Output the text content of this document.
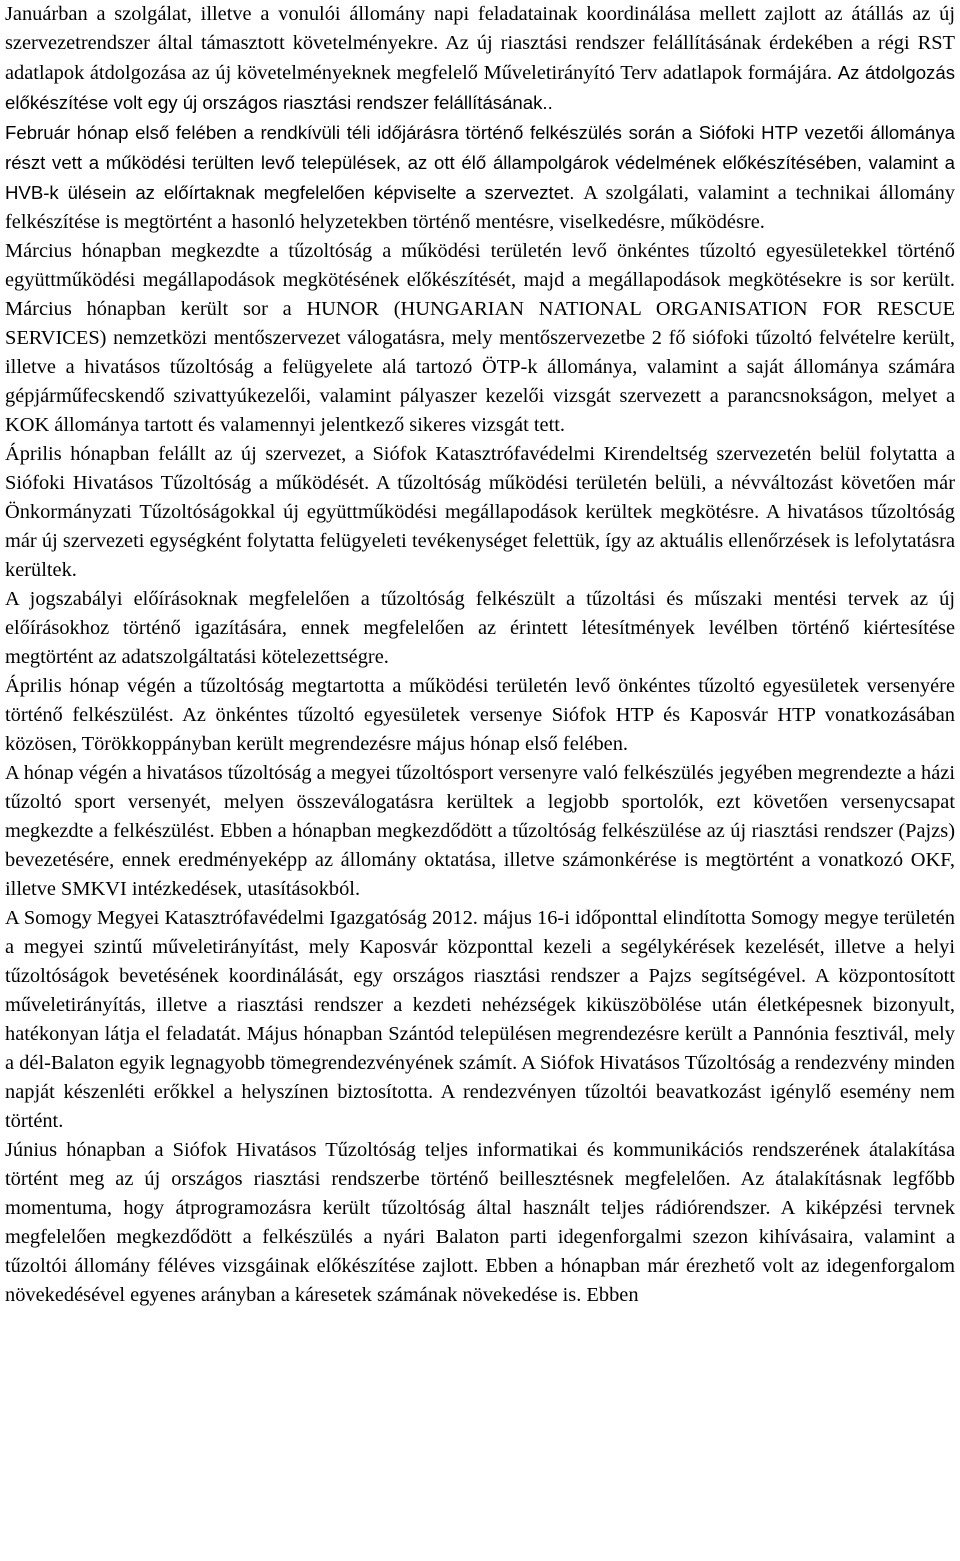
Januárban a szolgálat, illetve a vonulói állomány napi feladatainak koordinálása mellett zajlott az átállás az új szervezetrendszer által támasztott követelményekre. Az új riasztási rendszer felállításának érdekében a régi RST adatlapok átdolgozása az új követelményeknek megfelelő Műveletirányító Terv adatlapok formájára. Az átdolgozás előkészítése volt egy új országos riasztási rendszer felállításának..

Február hónap első felében a rendkívüli téli időjárásra történő felkészülés során a Siófoki HTP vezetői állománya részt vett a működési terülten levő települések, az ott élő állampolgárok védelmének előkészítésében, valamint a HVB-k ülésein az előírtaknak megfelelően képviselte a szerveztet. A szolgálati, valamint a technikai állomány felkészítése is megtörtént a hasonló helyzetekben történő mentésre, viselkedésre, működésre.

Március hónapban megkezdte a tűzoltóság a működési területén levő önkéntes tűzoltó egyesületekkel történő együttműködési megállapodások megkötésének előkészítését, majd a megállapodások megkötésekre is sor került. Március hónapban került sor a HUNOR (HUNGARIAN NATIONAL ORGANISATION FOR RESCUE SERVICES) nemzetközi mentőszervezet válogatásra, mely mentőszervezetbe 2 fő siófoki tűzoltó felvételre került, illetve a hivatásos tűzoltóság a felügyelete alá tartozó ÖTP-k állománya, valamint a saját állománya számára gépjárműfecskendő szivattyúkezelői, valamint pályaszer kezelői vizsgát szervezett a parancsnokságon, melyet a KOK állománya tartott és valamennyi jelentkező sikeres vizsgát tett.

Április hónapban felállt az új szervezet, a Siófok Katasztrófavédelmi Kirendeltség szervezetén belül folytatta a Siófoki Hivatásos Tűzoltóság a működését. A tűzoltóság működési területén belüli, a névváltozást követően már Önkormányzati Tűzoltóságokkal új együttműködési megállapodások kerültek megkötésre. A hivatásos tűzoltóság már új szervezeti egységként folytatta felügyeleti tevékenységet felettük, így az aktuális ellenőrzések is lefolytatásra kerültek.

A jogszabályi előírásoknak megfelelően a tűzoltóság felkészült a tűzoltási és műszaki mentési tervek az új előírásokhoz történő igazítására, ennek megfelelően az érintett létesítmények levélben történő kiértesítése megtörtént az adatszolgáltatási kötelezettségre.

Április hónap végén a tűzoltóság megtartotta a működési területén levő önkéntes tűzoltó egyesületek versenyére történő felkészülést. Az önkéntes tűzoltó egyesületek versenye Siófok HTP és Kaposvár HTP vonatkozásában közösen, Törökkoppányban került megrendezésre május hónap első felében.

A hónap végén a hivatásos tűzoltóság a megyei tűzoltósport versenyre való felkészülés jegyében megrendezte a házi tűzoltó sport versenyét, melyen összeválogatásra kerültek a legjobb sportolók, ezt követően versenycsapat megkezdte a felkészülést. Ebben a hónapban megkezdődött a tűzoltóság felkészülése az új riasztási rendszer (Pajzs) bevezetésére, ennek eredményeképp az állomány oktatása, illetve számonkérése is megtörtént a vonatkozó OKF, illetve SMKVI intézkedések, utasításokból.

A Somogy Megyei Katasztrófavédelmi Igazgatóság 2012. május 16-i időponttal elindította Somogy megye területén a megyei szintű műveletirányítást, mely Kaposvár központtal kezeli a segélykérések kezelését, illetve a helyi tűzoltóságok bevetésének koordinálását, egy országos riasztási rendszer a Pajzs segítségével. A központosított műveletirányítás, illetve a riasztási rendszer a kezdeti nehézségek kiküszöbölése után életképesnek bizonyult, hatékonyan látja el feladatát. Május hónapban Szántód településen megrendezésre került a Pannónia fesztivál, mely a dél-Balaton egyik legnagyobb tömegrendezvényének számít. A Siófok Hivatásos Tűzoltóság a rendezvény minden napját készenléti erőkkel a helyszínen biztosította. A rendezvényen tűzoltói beavatkozást igénylő esemény nem történt.

Június hónapban a Siófok Hivatásos Tűzoltóság teljes informatikai és kommunikációs rendszerének átalakítása történt meg az új országos riasztási rendszerbe történő beillesztésnek megfelelően. Az átalakításnak legfőbb momentuma, hogy átprogramozásra került tűzoltóság által használt teljes rádiórendszer. A kiképzési tervnek megfelelően megkezdődött a felkészülés a nyári Balaton parti idegenforgalmi szezon kihívásaira, valamint a tűzoltói állomány féléves vizsgáinak előkészítése zajlott. Ebben a hónapban már érezhető volt az idegenforgalom növekedésével egyenes arányban a káresetek számának növekedése is. Ebben
